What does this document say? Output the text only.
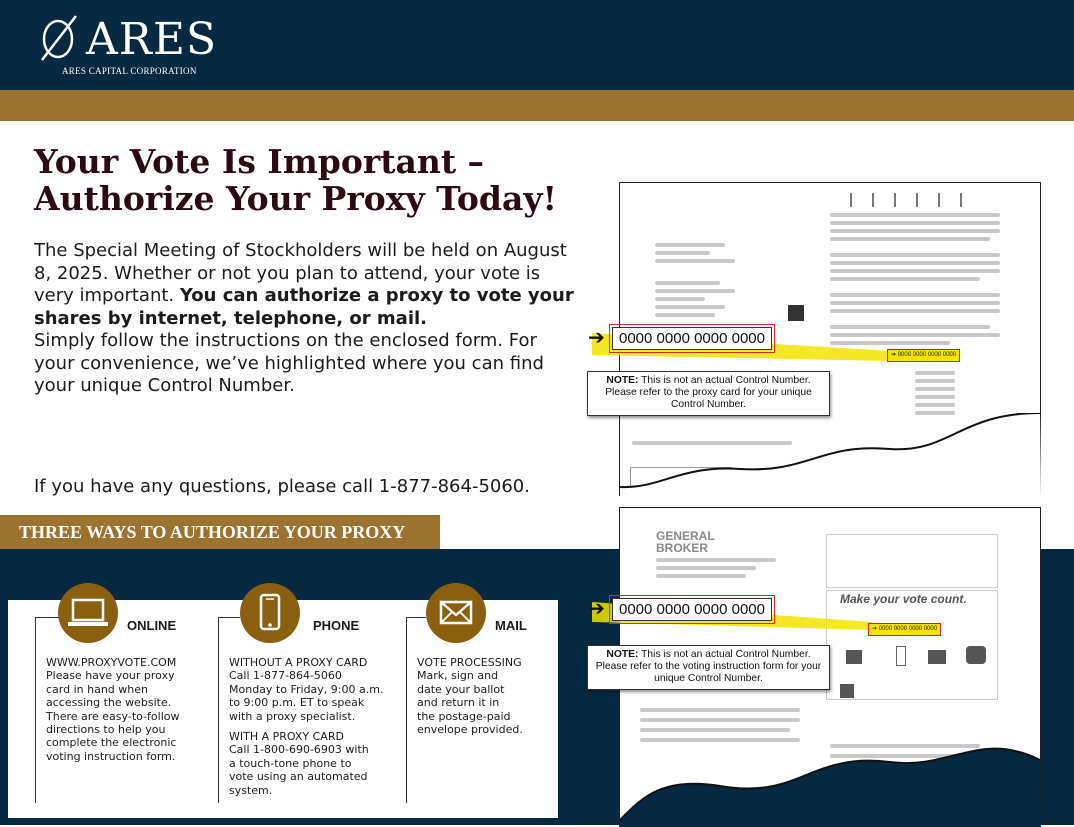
ARES
ARES CAPITAL CORPORATION
Your Vote Is Important –
Authorize Your Proxy Today!
The Special Meeting of Stockholders will be held on August 8, 2025. Whether or not you plan to attend, your vote is very important. You can authorize a proxy to vote your shares by internet, telephone, or mail.
Simply follow the instructions on the enclosed form. For your convenience, we’ve highlighted where you can find your unique Control Number.
If you have any questions, please call 1-877-864-5060.
THREE WAYS TO AUTHORIZE YOUR PROXY
ONLINE
WWW.PROXYVOTE.COM
Please have your proxy
card in hand when
accessing the website.
There are easy-to-follow
directions to help you
complete the electronic
voting instruction form.
PHONE
WITHOUT A PROXY CARD
Call 1-877-864-5060
Monday to Friday, 9:00 a.m.
to 9:00 p.m. ET to speak
with a proxy specialist.
WITH A PROXY CARD
Call 1-800-690-6903 with
a touch-tone phone to
vote using an automated
system.
MAIL
VOTE PROCESSING
Mark, sign and
date your ballot
and return it in
the postage-paid
envelope provided.
➔ 0000 0000 0000 0000
➔ 0000 0000 0000 0000
NOTE: This is not an actual Control Number. Please refer to the proxy card for your unique Control Number.
GENERAL BROKER
Make your vote count.
➔ 0000 0000 0000 0000
➔ 0000 0000 0000 0000
NOTE: This is not an actual Control Number. Please refer to the voting instruction form for your unique Control Number.
